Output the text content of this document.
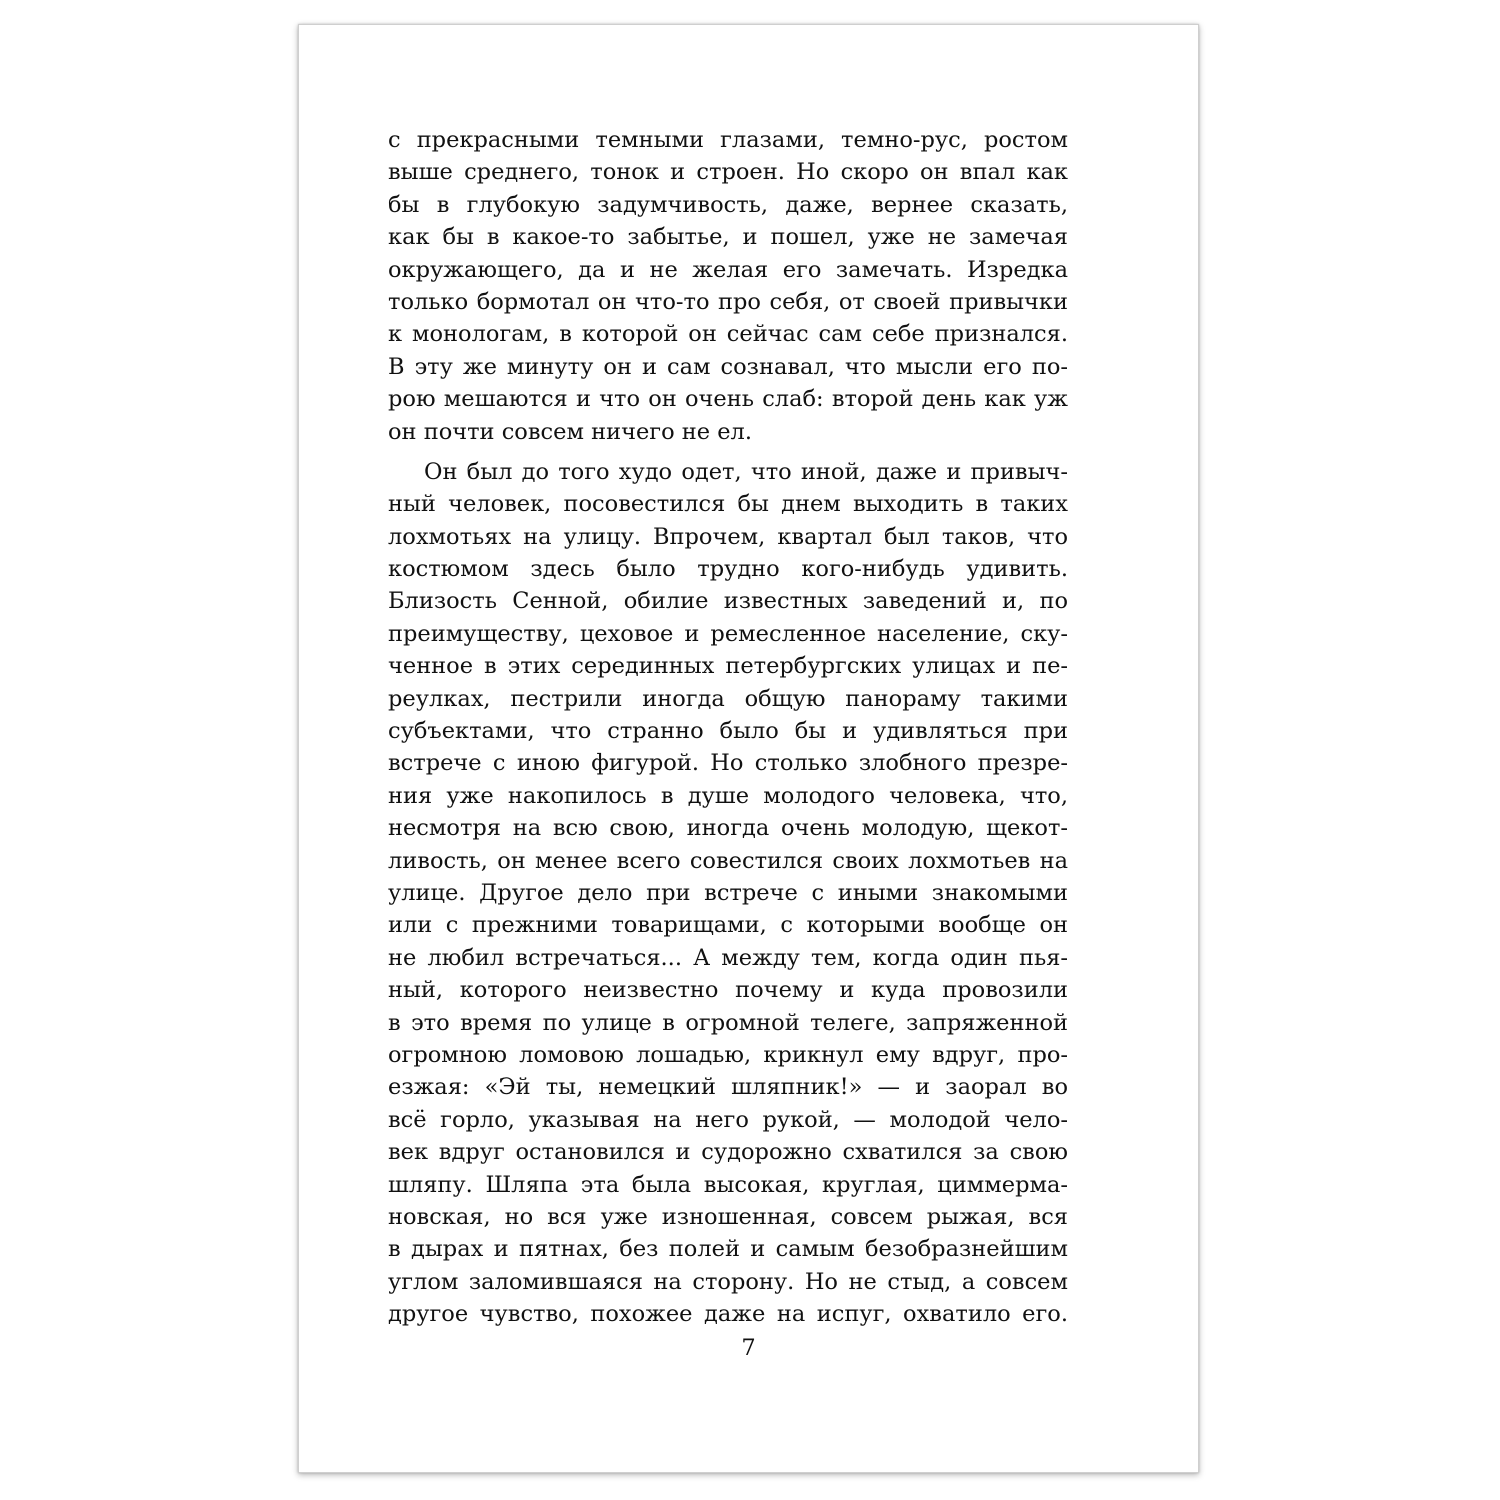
с прекрасными темными глазами, темно-рус, ростом
выше среднего, тонок и строен. Но скоро он впал как
бы в глубокую задумчивость, даже, вернее сказать,
как бы в какое-то забытье, и пошел, уже не замечая
окружающего, да и не желая его замечать. Изредка
только бормотал он что-то про себя, от своей привычки
к монологам, в которой он сейчас сам себе признался.
В эту же минуту он и сам сознавал, что мысли его по-
рою мешаются и что он очень слаб: второй день как уж
он почти совсем ничего не ел.
Он был до того худо одет, что иной, даже и привыч-
ный человек, посовестился бы днем выходить в таких
лохмотьях на улицу. Впрочем, квартал был таков, что
костюмом здесь было трудно кого-нибудь удивить.
Близость Сенной, обилие известных заведений и, по
преимуществу, цеховое и ремесленное население, ску-
ченное в этих серединных петербургских улицах и пе-
реулках, пестрили иногда общую панораму такими
субъектами, что странно было бы и удивляться при
встрече с иною фигурой. Но столько злобного презре-
ния уже накопилось в душе молодого человека, что,
несмотря на всю свою, иногда очень молодую, щекот-
ливость, он менее всего совестился своих лохмотьев на
улице. Другое дело при встрече с иными знакомыми
или с прежними товарищами, с которыми вообще он
не любил встречаться... А между тем, когда один пья-
ный, которого неизвестно почему и куда провозили
в это время по улице в огромной телеге, запряженной
огромною ломовою лошадью, крикнул ему вдруг, про-
езжая: «Эй ты, немецкий шляпник!» — и заорал во
всё горло, указывая на него рукой, — молодой чело-
век вдруг остановился и судорожно схватился за свою
шляпу. Шляпа эта была высокая, круглая, циммерма-
новская, но вся уже изношенная, совсем рыжая, вся
в дырах и пятнах, без полей и самым безобразнейшим
углом заломившаяся на сторону. Но не стыд, а совсем
другое чувство, похожее даже на испуг, охватило его.
7
